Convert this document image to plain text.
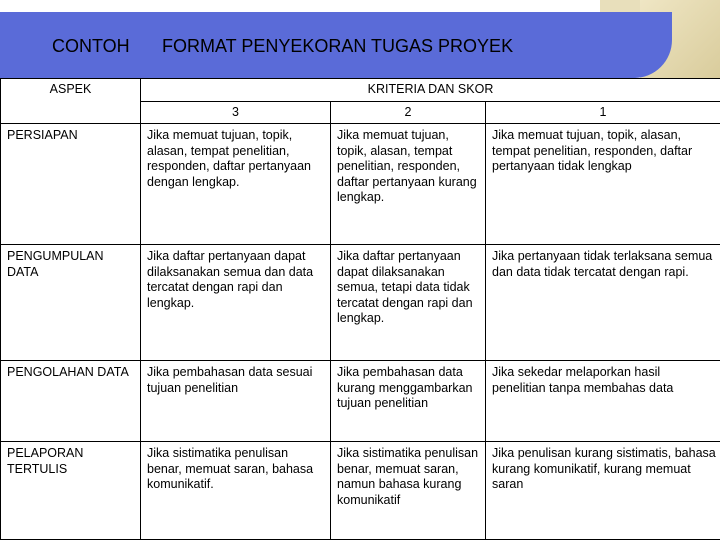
CONTOH FORMAT PENYEKORAN TUGAS PROYEK
ASPEK	KRITERIA DAN SKOR		
	3	2	1
PERSIAPAN	Jika memuat tujuan, topik, alasan, tempat penelitian, responden, daftar pertanyaan dengan lengkap.	Jika memuat tujuan, topik, alasan, tempat penelitian, responden, daftar pertanyaan kurang lengkap.	Jika memuat tujuan, topik, alasan, tempat penelitian, responden, daftar pertanyaan tidak lengkap
PENGUMPULAN DATA	Jika daftar pertanyaan dapat dilaksanakan semua dan data tercatat dengan rapi dan lengkap.	Jika daftar pertanyaan dapat dilaksanakan semua, tetapi data tidak tercatat dengan rapi dan lengkap.	Jika pertanyaan tidak terlaksana semua dan data tidak tercatat dengan rapi.
PENGOLAHAN DATA	Jika pembahasan data sesuai tujuan penelitian	Jika pembahasan data kurang menggambarkan tujuan penelitian	Jika sekedar melaporkan hasil penelitian tanpa membahas data
PELAPORAN TERTULIS	Jika sistimatika penulisan benar, memuat saran, bahasa komunikatif.	Jika sistimatika penulisan benar, memuat saran, namun bahasa kurang komunikatif	Jika penulisan kurang sistimatis, bahasa kurang komunikatif, kurang memuat saran
